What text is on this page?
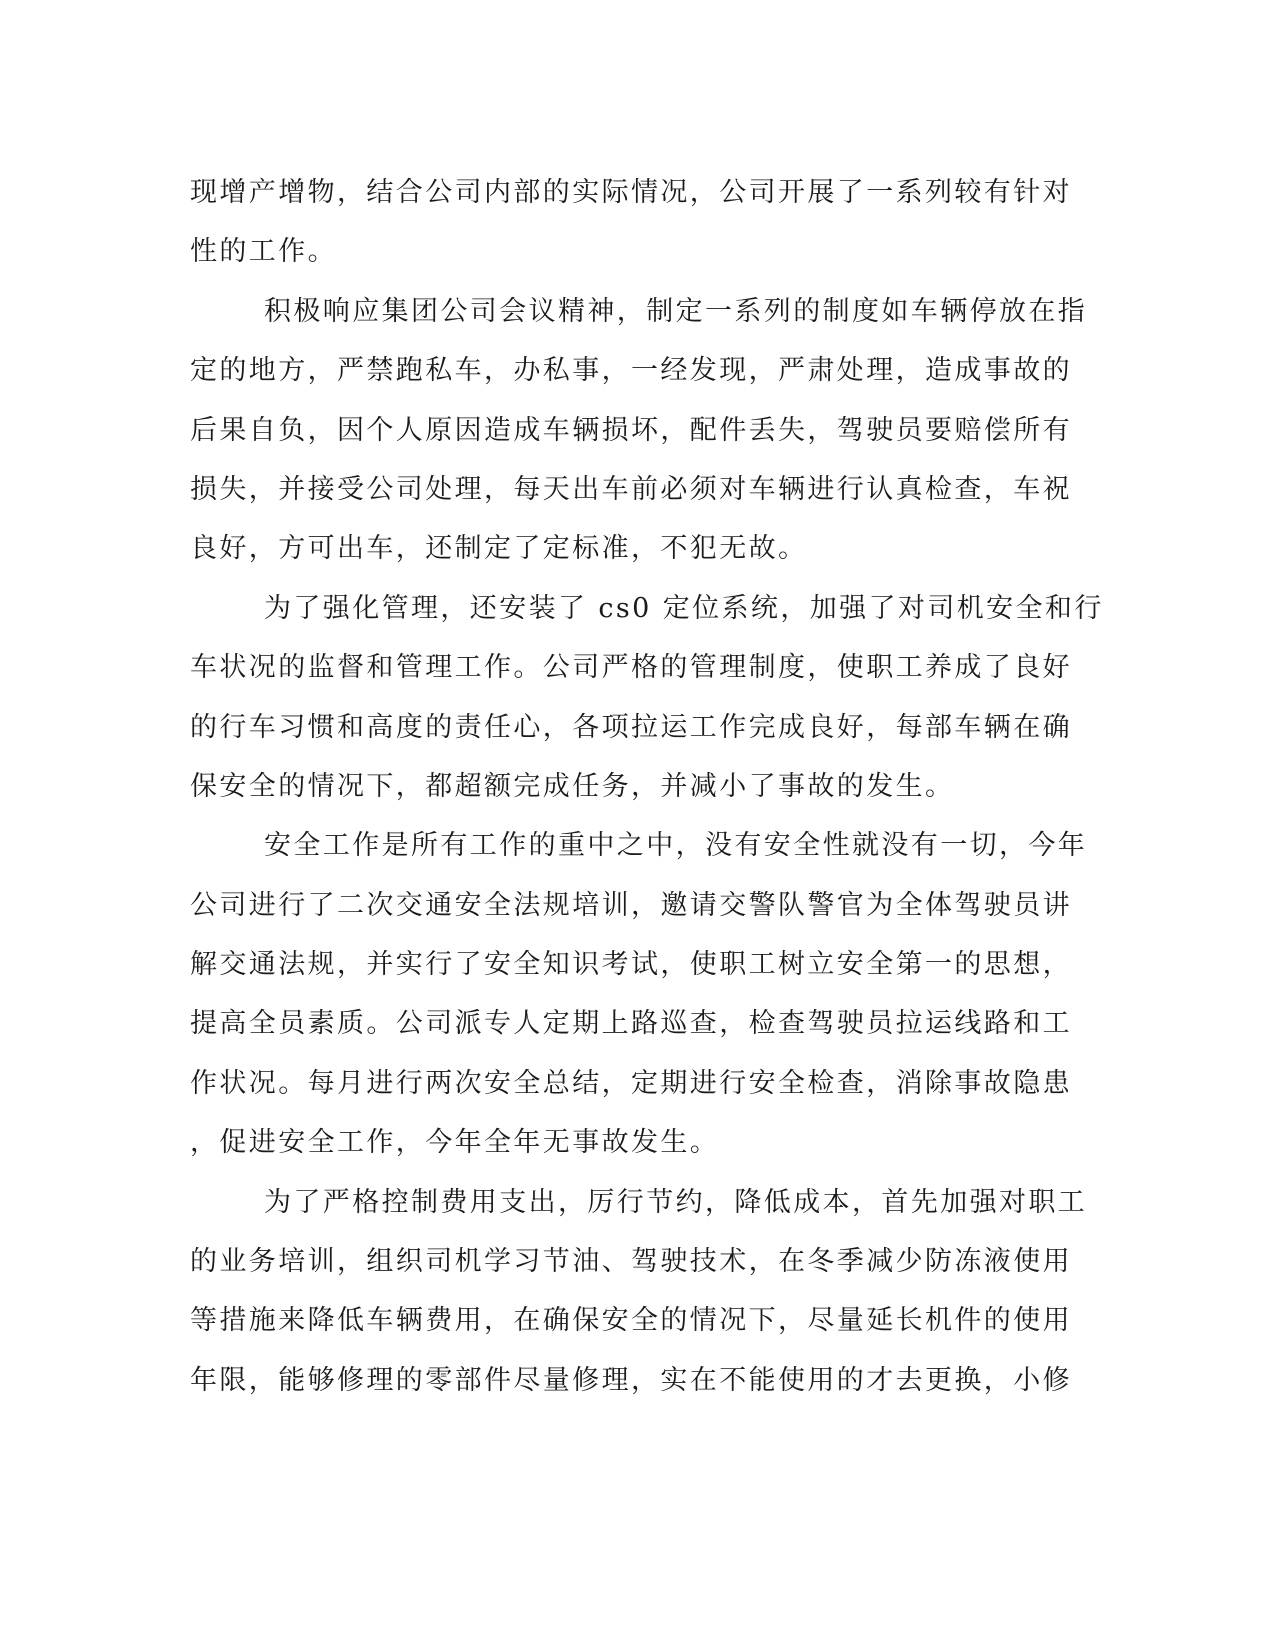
现增产增物，结合公司内部的实际情况，公司开展了一系列较有针对
性的工作。
积极响应集团公司会议精神，制定一系列的制度如车辆停放在指
定的地方，严禁跑私车，办私事，一经发现，严肃处理，造成事故的
后果自负，因个人原因造成车辆损坏，配件丢失，驾驶员要赔偿所有
损失，并接受公司处理，每天出车前必须对车辆进行认真检查，车祝
良好，方可出车，还制定了定标准，不犯无故。
为了强化管理，还安装了 cs0 定位系统，加强了对司机安全和行
车状况的监督和管理工作。公司严格的管理制度，使职工养成了良好
的行车习惯和高度的责任心，各项拉运工作完成良好，每部车辆在确
保安全的情况下，都超额完成任务，并减小了事故的发生。
安全工作是所有工作的重中之中，没有安全性就没有一切，今年
公司进行了二次交通安全法规培训，邀请交警队警官为全体驾驶员讲
解交通法规，并实行了安全知识考试，使职工树立安全第一的思想，
提高全员素质。公司派专人定期上路巡查，检查驾驶员拉运线路和工
作状况。每月进行两次安全总结，定期进行安全检查，消除事故隐患
，促进安全工作，今年全年无事故发生。
为了严格控制费用支出，厉行节约，降低成本，首先加强对职工
的业务培训，组织司机学习节油、驾驶技术，在冬季减少防冻液使用
等措施来降低车辆费用，在确保安全的情况下，尽量延长机件的使用
年限，能够修理的零部件尽量修理，实在不能使用的才去更换，小修
